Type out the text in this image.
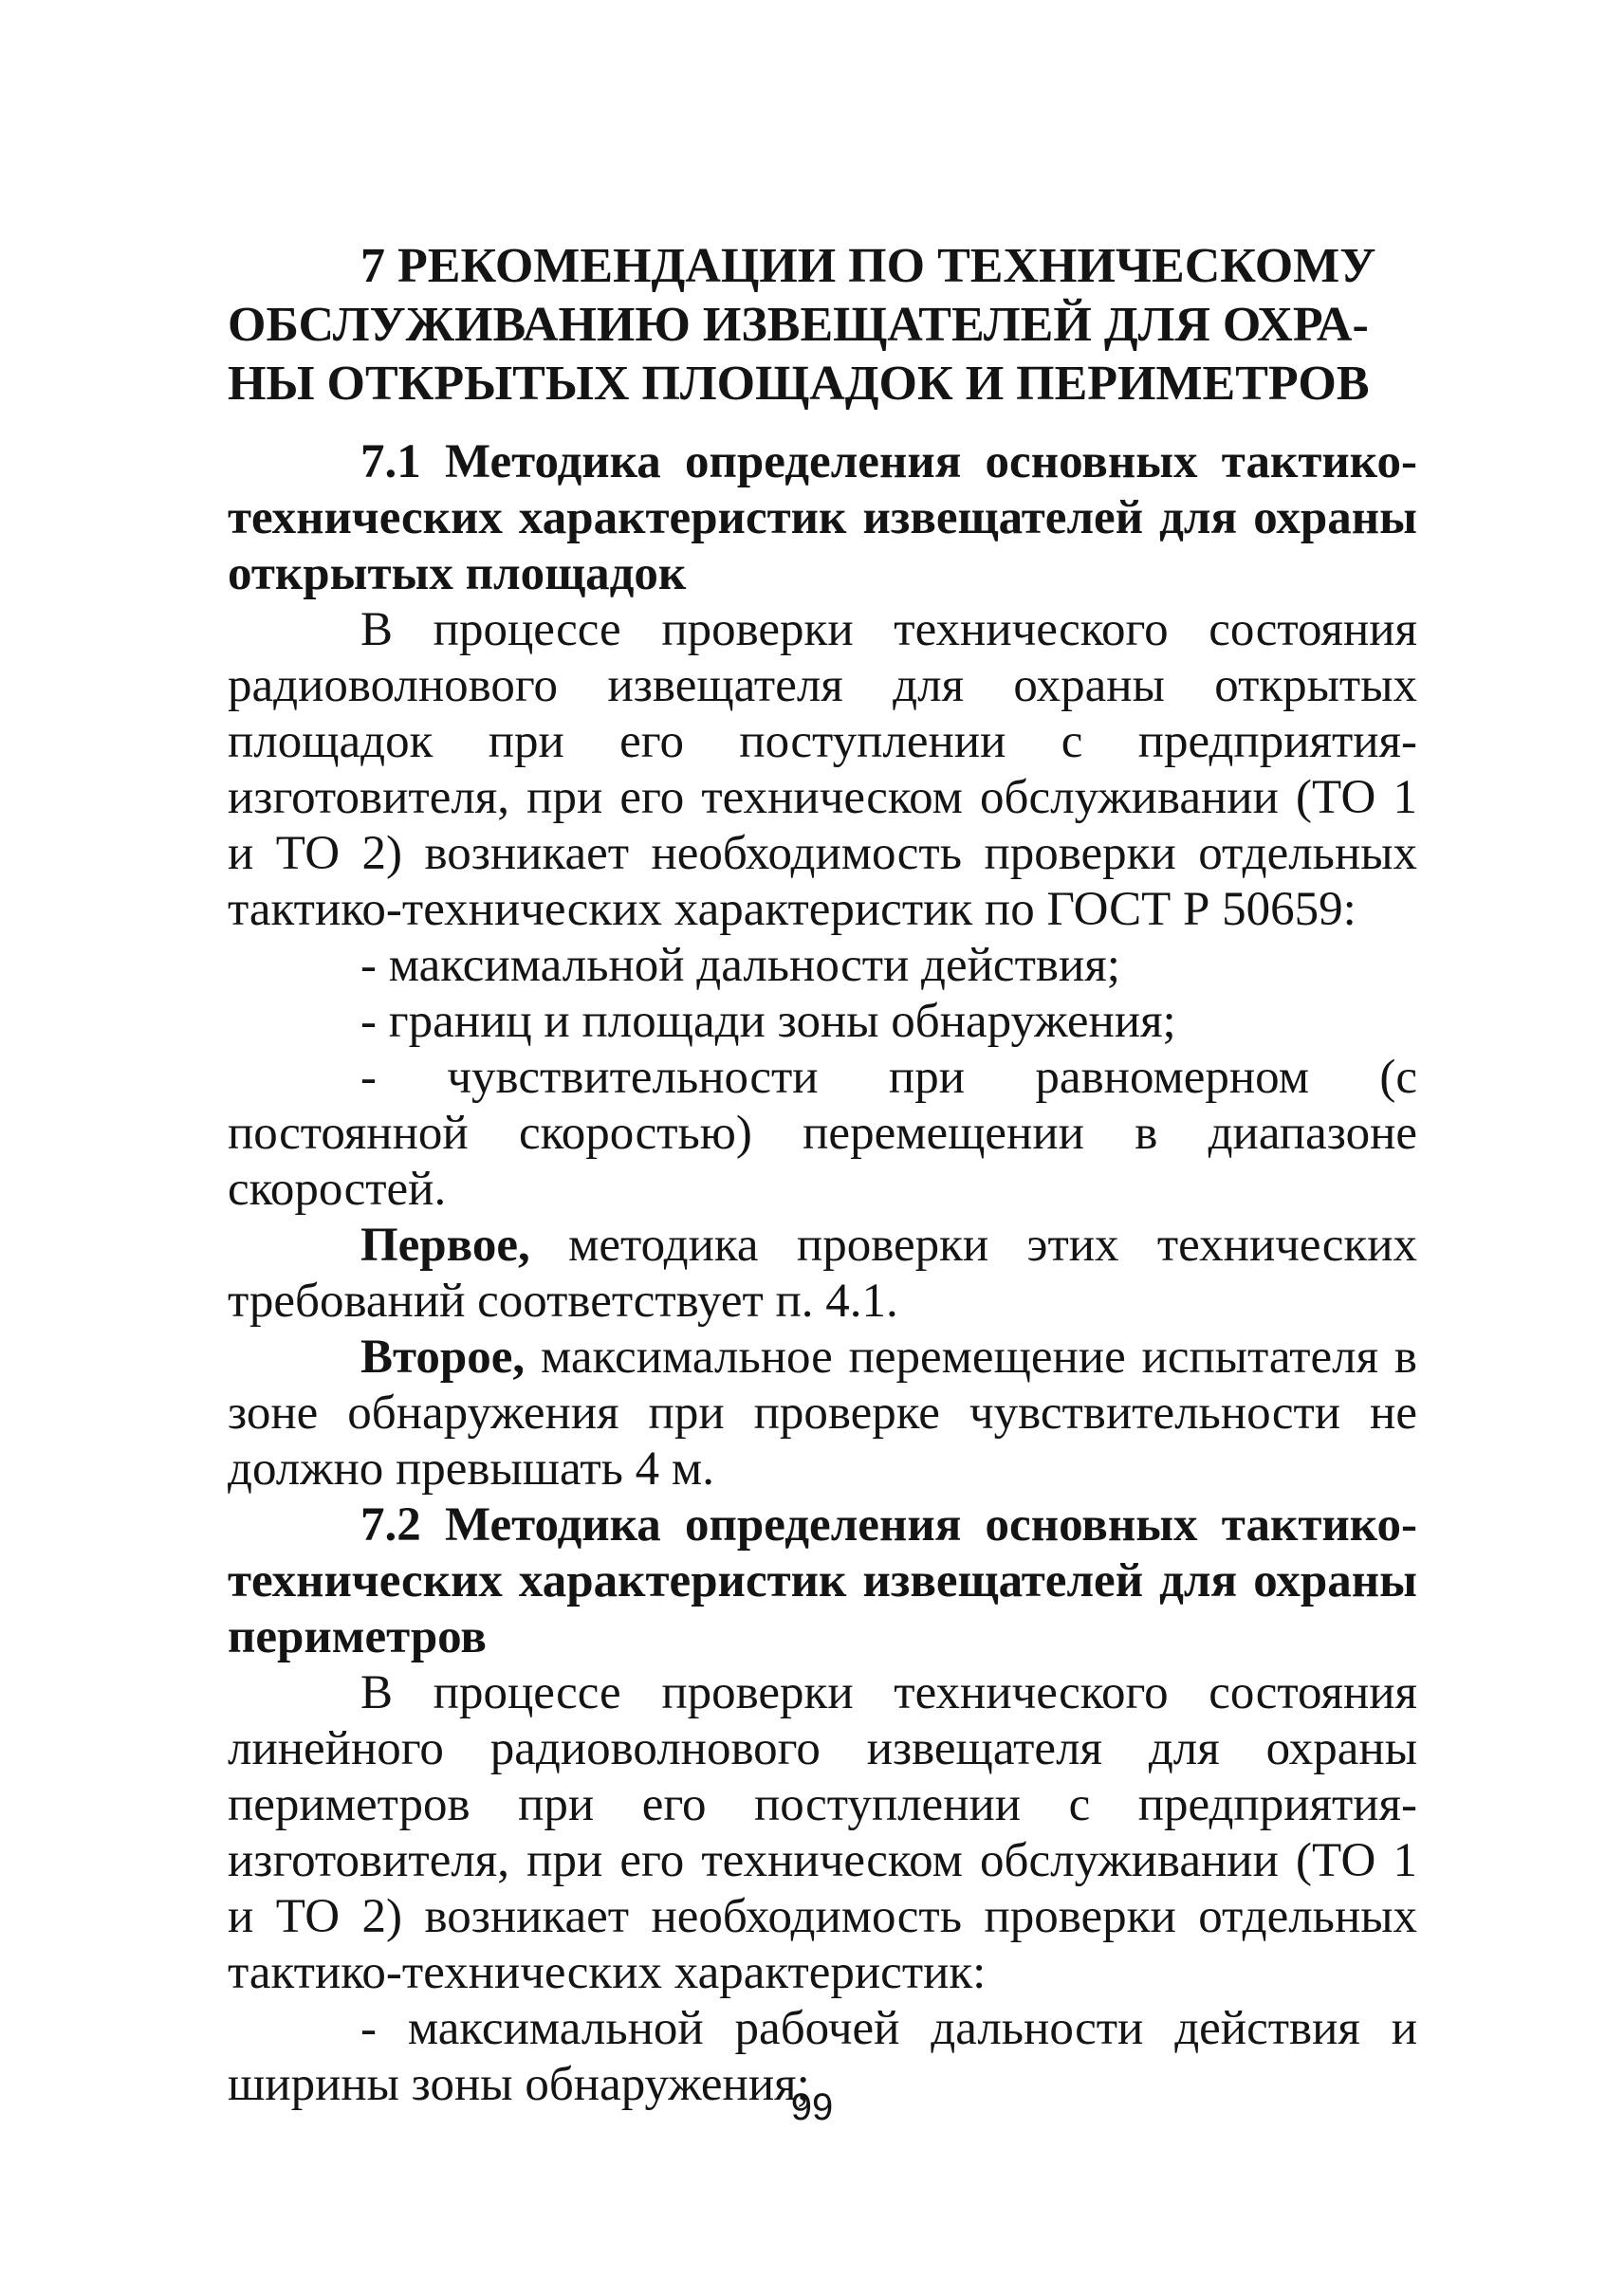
7 РЕКОМЕНДАЦИИ ПО ТЕХНИЧЕСКОМУ
ОБСЛУЖИВАНИЮ ИЗВЕЩАТЕЛЕЙ ДЛЯ ОХРА-
НЫ ОТКРЫТЫХ ПЛОЩАДОК И ПЕРИМЕТРОВ
7.1 Методика определения основных тактико-технических характеристик извещателей для охраны открытых площадок

В процессе проверки технического состояния радиоволнового извещателя для охраны открытых площадок при его поступлении с предприятия-изготовителя, при его техническом обслуживании (ТО 1 и ТО 2) возникает необходимость проверки отдельных тактико-технических характеристик по ГОСТ Р 50659:

- максимальной дальности действия;

- границ и площади зоны обнаружения;

- чувствительности при равномерном (с постоянной скоростью) перемещении в диапазоне скоростей.

Первое, методика проверки этих технических требований соответствует п. 4.1.

Второе, максимальное перемещение испытателя в зоне обнаружения при проверке чувствительности не должно превышать 4 м.

7.2 Методика определения основных тактико-технических характеристик извещателей для охраны периметров

В процессе проверки технического состояния линейного радиоволнового извещателя для охраны периметров при его поступлении с предприятия-изготовителя, при его техническом обслуживании (ТО 1 и ТО 2) возникает необходимость проверки отдельных тактико-технических характеристик:

- максимальной рабочей дальности действия и ширины зоны обнаружения;

99
